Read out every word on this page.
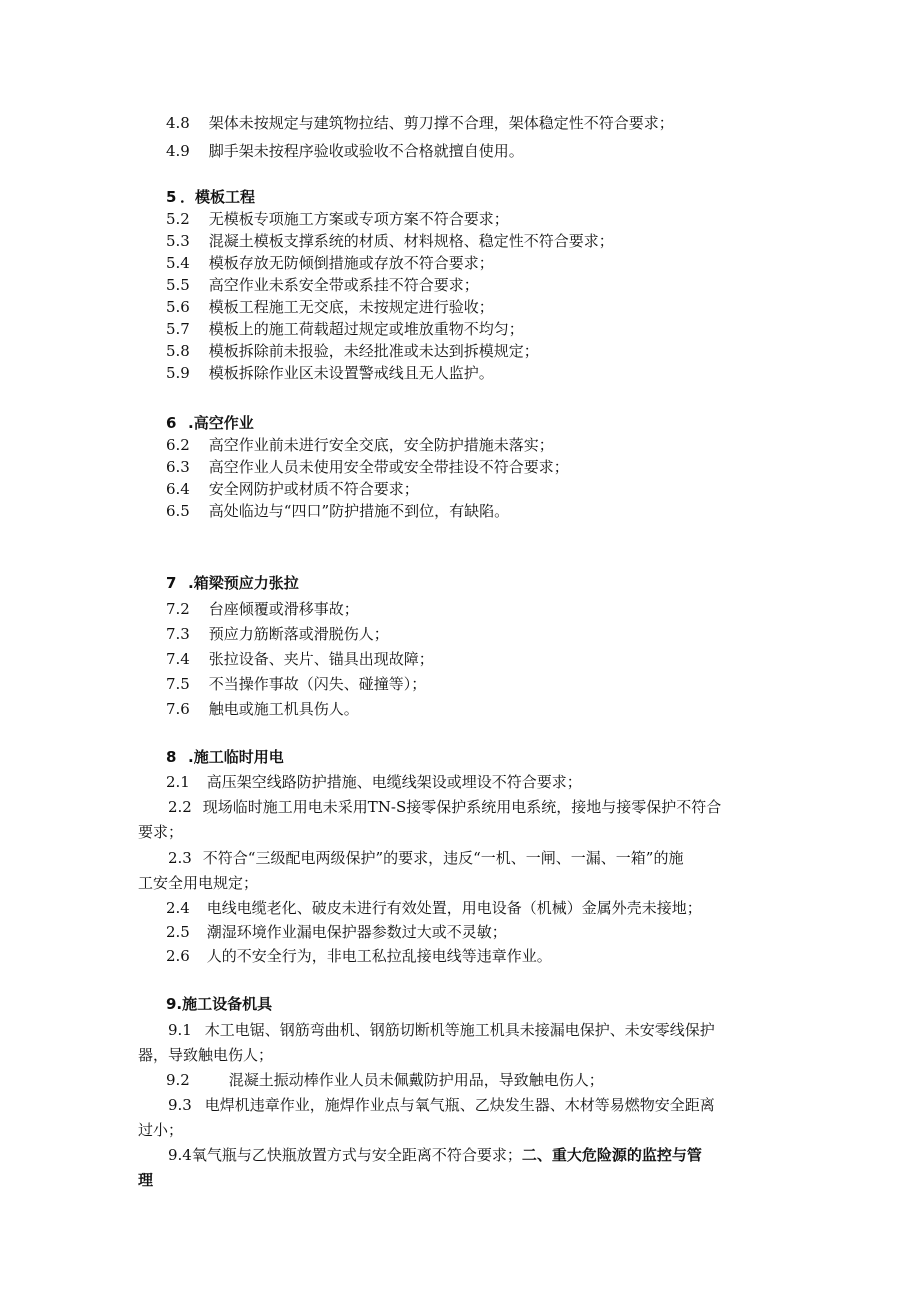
4.8 架体未按规定与建筑物拉结、剪刀撑不合理，架体稳定性不符合要求；
4.9 脚手架未按程序验收或验收不合格就擅自使用。
5 ．模板工程
5.2 无模板专项施工方案或专项方案不符合要求；
5.3 混凝土模板支撑系统的材质、材料规格、稳定性不符合要求；
5.4 模板存放无防倾倒措施或存放不符合要求；
5.5 高空作业未系安全带或系挂不符合要求；
5.6 模板工程施工无交底，未按规定进行验收；
5.7 模板上的施工荷载超过规定或堆放重物不均匀；
5.8 模板拆除前未报验，未经批准或未达到拆模规定；
5.9 模板拆除作业区未设置警戒线且无人监护。
6 .高空作业
6.2 高空作业前未进行安全交底，安全防护措施未落实；
6.3 高空作业人员未使用安全带或安全带挂设不符合要求；
6.4 安全网防护或材质不符合要求；
6.5 高处临边与“四口”防护措施不到位，有缺陷。
7 .箱梁预应力张拉
7.2 台座倾覆或滑移事故；
7.3 预应力筋断落或滑脱伤人；
7.4 张拉设备、夹片、锚具出现故障；
7.5 不当操作事故（闪失、碰撞等）；
7.6 触电或施工机具伤人。
8 .施工临时用电
2.1 高压架空线路防护措施、电缆线架设或埋设不符合要求；
2.2 现场临时施工用电未采用TN-S接零保护系统用电系统，接地与接零保护不符合
要求；
2.3 不符合“三级配电两级保护”的要求，违反“一机、一闸、一漏、一箱”的施
工安全用电规定；
2.4 电线电缆老化、破皮未进行有效处置，用电设备（机械）金属外壳未接地；
2.5 潮湿环境作业漏电保护器参数过大或不灵敏；
2.6 人的不安全行为，非电工私拉乱接电线等违章作业。
9.施工设备机具
9.1 木工电锯、钢筋弯曲机、钢筋切断机等施工机具未接漏电保护、未安零线保护
器，导致触电伤人；
9.2	混凝土振动棒作业人员未佩戴防护用品，导致触电伤人；
9.3 电焊机违章作业，施焊作业点与氧气瓶、乙炔发生器、木材等易燃物安全距离
过小；
9.4氧气瓶与乙快瓶放置方式与安全距离不符合要求；二、重大危险源的监控与管
理
